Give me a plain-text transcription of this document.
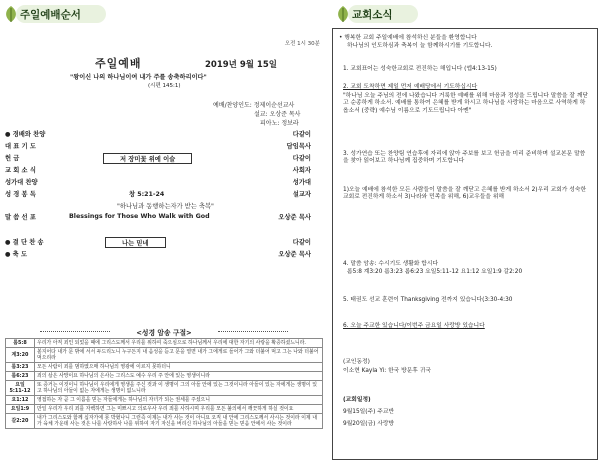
주일예배순서
오전 1시 30분
주일예배	2019년 9월 15일
"왕이신 나의 하나님이여 내가 주를 송축하리이다"
(시편 145:1)
예배/찬양인도: 정제이순선교사
설교: 오상준 목사
피아노: 정보라
● 경배와 찬양	다같이
대 표 기 도	담임목사
헌 금	저 장미꽃 위에 이슬	다같이
교 회 소 식	사회자
성가대 찬양	성가대
성 경 봉 독	창 5:21-24	설교자
"하나님과 동행하는자가 받는 축복"
말 씀 선 포	Blessings for Those Who Walk with God	오상준 목사
● 결 단 찬 송	나는 믿네	다같이
● 축 도	오상준 목사
<성경 암송 구절>
롬5:8	우리가 아직 죄인 되었을 때에 그리스도께서 우리를 위하여 죽으심으로 하나님께서 우리에 대한 자기의 사랑을 확증하셨느니라.
계3:20	볼지어다 내가 문 밖에 서서 두드리노니 누구든지 내 음성을 듣고 문을 열면 내가 그에게로 들어가 그와 더불어 먹고 그는 나와 더불어 먹으리라
롬3:23	모든 사람이 죄를 범하였으매 하나님의 영광에 이르지 못하더니
롬6:23	죄의 삯은 사망이요 하나님의 은사는 그리스도 예수 우리 주 안에 있는 영생이니라
요일 5:11-12	또 증거는 이것이니 하나님이 우리에게 영생을 주신 것과 이 생명이 그의 아들 안에 있는 그것이니라 아들이 있는 자에게는 생명이 있고 하나님의 아들이 없는 자에게는 생명이 없느니라
요1:12	영접하는 자 곧 그 이름을 믿는 자들에게는 하나님의 자녀가 되는 권세를 주셨으니
요일1:9	만일 우리가 우리 죄를 자백하면 그는 미쁘시고 의로우사 우리 죄를 사하시며 우리를 모든 불의에서 깨끗하게 하실 것이요
갈2:20	내가 그리스도와 함께 십자가에 못 박혔나니 그런즉 이제는 내가 사는 것이 아니요 오직 내 안에 그리스도께서 사시는 것이라 이제 내가 육체 가운데 사는 것은 나를 사랑하사 나를 위하여 자기 자신을 버리신 하나님의 아들을 믿는 믿음 안에서 사는 것이라
교회소식
• 행복한 교회 주일예배에 참석하신 분들을 환영합니다
하나님의 인도하심과 축복이 늘 함께하시기를 기도합니다.
1. 교회표어는 성숙한교회로 전진하는 해입니다 (엡4:13-15)
2. 교회 도착하면 제일 먼저 예배당에서 기도하십시다
"하나님 오늘 주님의 전에 나왔습니다 거룩한 예배를 위해 마음과 정성을 드립니다 말씀을 잘 깨닫고 순종하게 하소서. 예배를 통하여 은혜를 받게 하시고 하나님을 사랑하는 마음으로 사역하게 하옵소서 (중략) 예수님 이름으로 기도드립니다 아멘"
3. 성가연습 또는 찬양팀 연습후에 자리에 앉아 주보를 보고 헌금을 미리 준비하며 설교본문 말씀을 찾아 읽어보고 하나님께 집중하며 기도합니다
1)오늘 예배에 참석한 모든 사람들이 말씀을 잘 깨닫고 은혜를 받게 하소서 2)우리 교회가 성숙한 교회로 전진하게 하소서 3)나라와 민족을 위해, 6)교우들을 위해
4. 말씀 암송: 수시기도 생활화 합시다
롬5:8 계3:20 롬3:23 롬6:23 요일5:11-12 요1:12 요일1:9 갈2:20
5. 태권도 선교 훈련이 Thanksgiving 전까지 있습니다(3:30-4:30
6. 오늘 주교한 있습니다/이번주 금요일 사랑방 있습니다
(교인동정)
이소현 Kayla Yi: 한국 방문후 귀국
(교회일정)
9월15일(주) 주교반
9월20일(금) 사랑방
